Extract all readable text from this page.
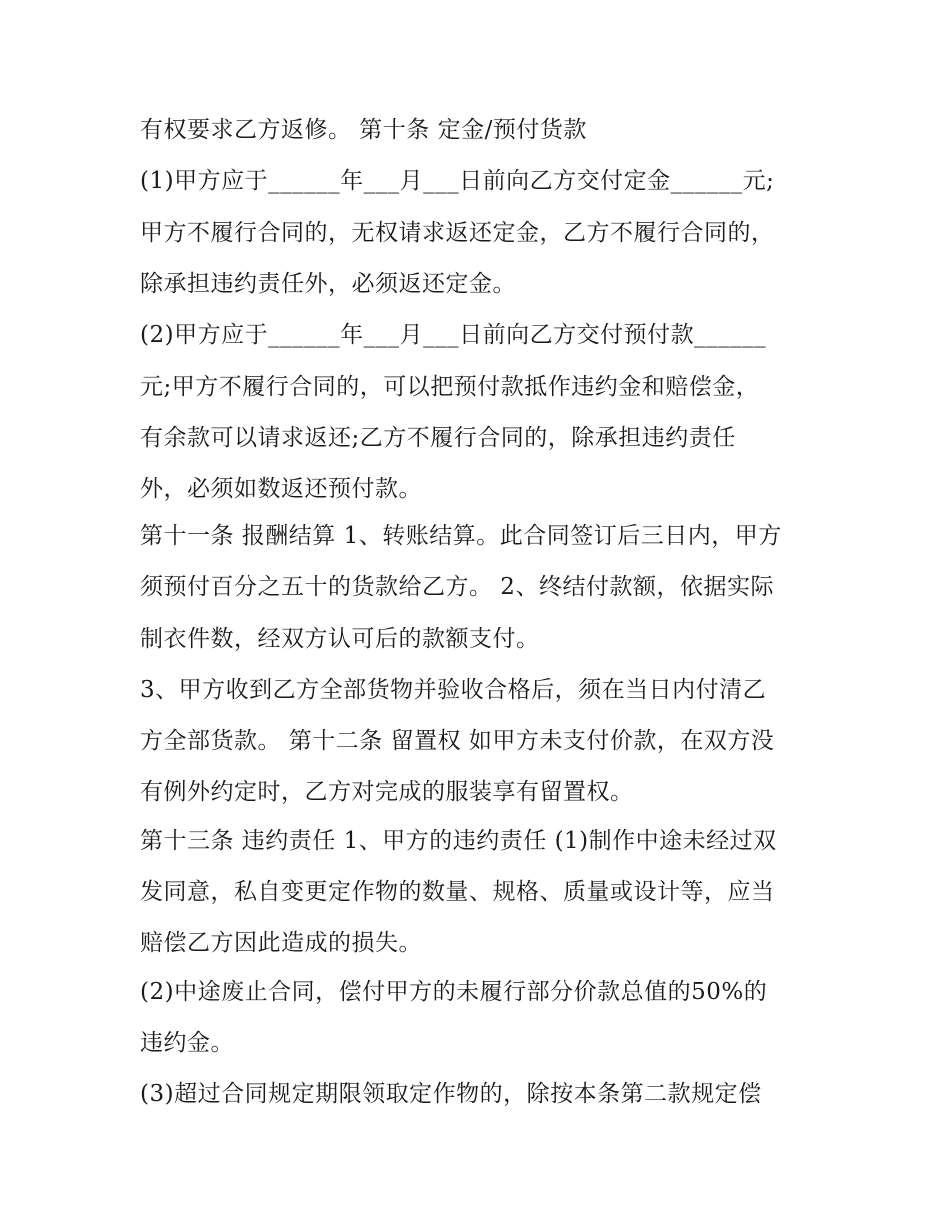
有权要求乙方返修。 第十条 定金/预付货款
(1)甲方应于______年___月___日前向乙方交付定金______元;
甲方不履行合同的，无权请求返还定金，乙方不履行合同的，
除承担违约责任外，必须返还定金。
(2)甲方应于______年___月___日前向乙方交付预付款______
元;甲方不履行合同的，可以把预付款抵作违约金和赔偿金，
有余款可以请求返还;乙方不履行合同的，除承担违约责任
外，必须如数返还预付款。
第十一条 报酬结算 1、转账结算。此合同签订后三日内，甲方
须预付百分之五十的货款给乙方。 2、终结付款额，依据实际
制衣件数，经双方认可后的款额支付。
3、甲方收到乙方全部货物并验收合格后，须在当日内付清乙
方全部货款。 第十二条 留置权 如甲方未支付价款，在双方没
有例外约定时，乙方对完成的服装享有留置权。
第十三条 违约责任 1、甲方的违约责任 (1)制作中途未经过双
发同意，私自变更定作物的数量、规格、质量或设计等，应当
赔偿乙方因此造成的损失。
(2)中途废止合同，偿付甲方的未履行部分价款总值的50%的
违约金。
(3)超过合同规定期限领取定作物的，除按本条第二款规定偿
